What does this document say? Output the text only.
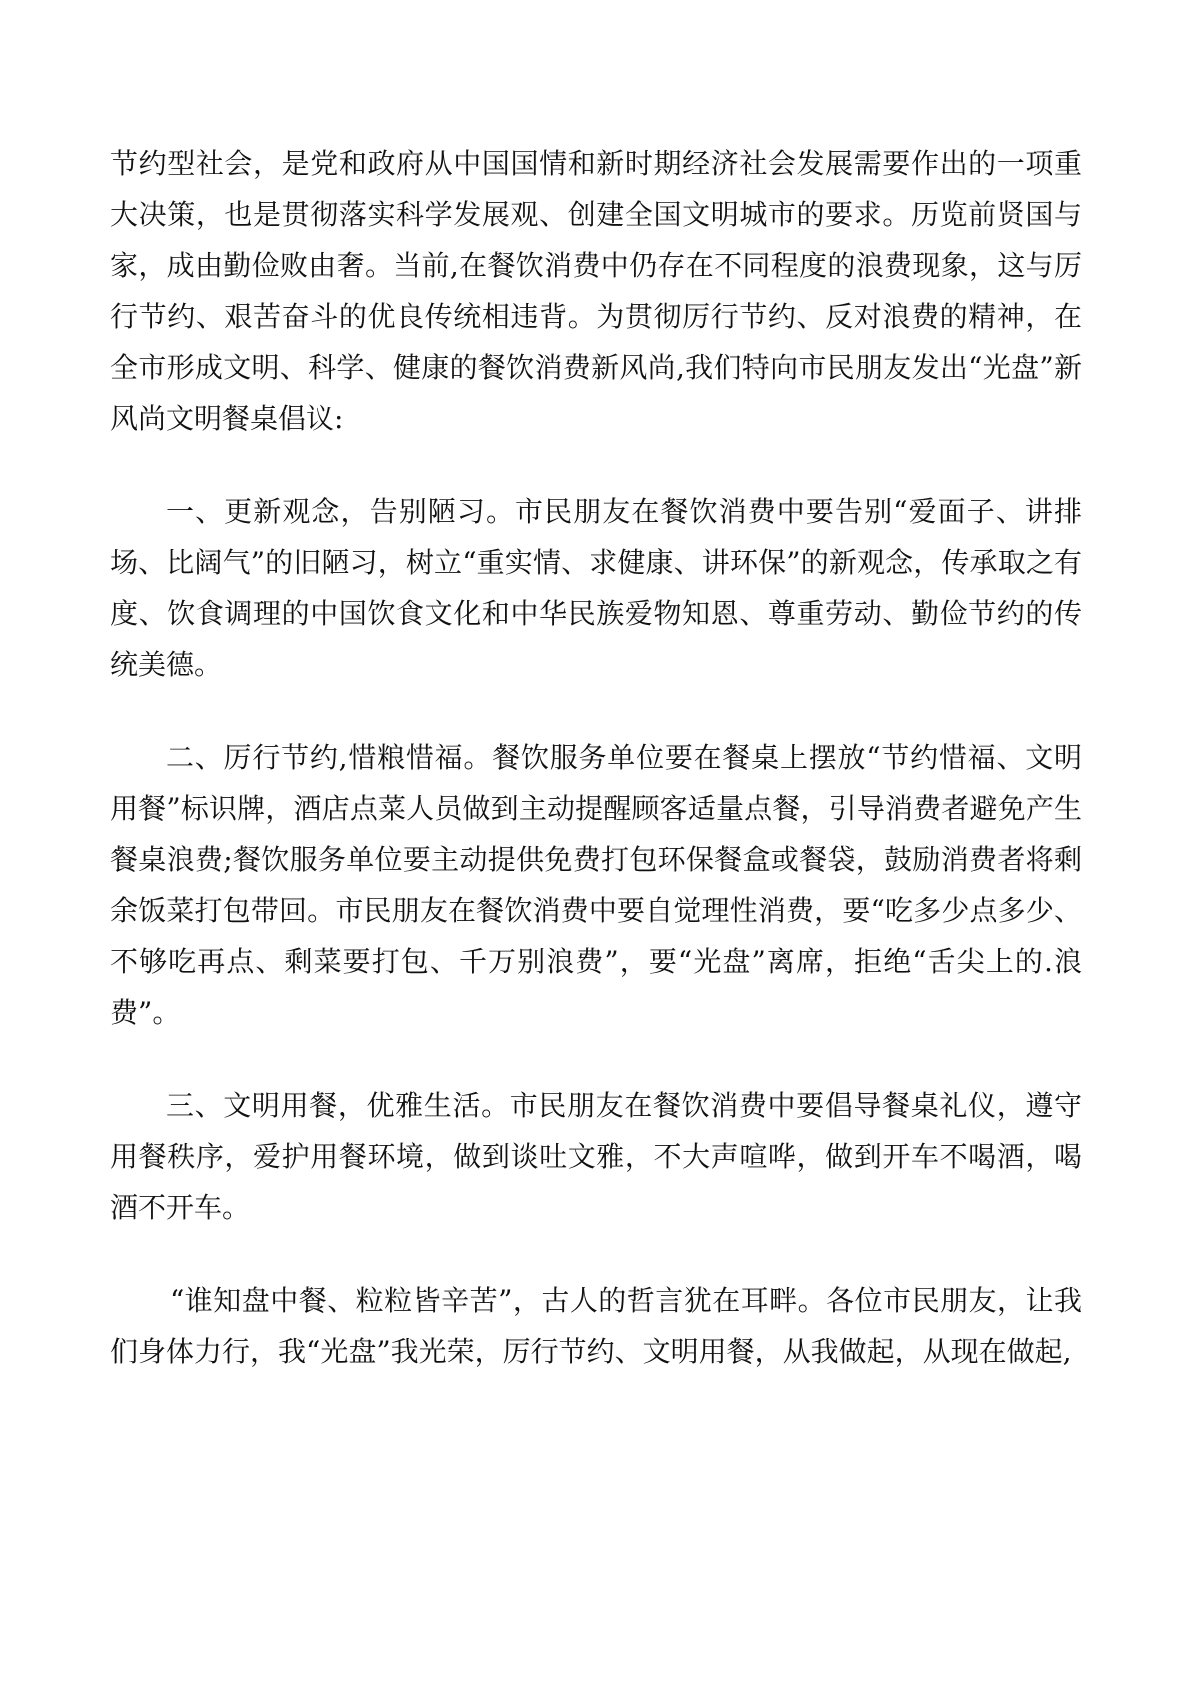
节约型社会，是党和政府从中国国情和新时期经济社会发展需要作出的一项重大决策，也是贯彻落实科学发展观、创建全国文明城市的要求。历览前贤国与家，成由勤俭败由奢。当前,在餐饮消费中仍存在不同程度的浪费现象，这与厉行节约、艰苦奋斗的优良传统相违背。为贯彻厉行节约、反对浪费的精神，在全市形成文明、科学、健康的餐饮消费新风尚,我们特向市民朋友发出“光盘”新风尚文明餐桌倡议:

一、更新观念，告别陋习。市民朋友在餐饮消费中要告别“爱面子、讲排场、比阔气”的旧陋习，树立“重实情、求健康、讲环保”的新观念，传承取之有度、饮食调理的中国饮食文化和中华民族爱物知恩、尊重劳动、勤俭节约的传统美德。

二、厉行节约,惜粮惜福。餐饮服务单位要在餐桌上摆放“节约惜福、文明用餐”标识牌，酒店点菜人员做到主动提醒顾客适量点餐，引导消费者避免产生餐桌浪费;餐饮服务单位要主动提供免费打包环保餐盒或餐袋，鼓励消费者将剩余饭菜打包带回。市民朋友在餐饮消费中要自觉理性消费，要“吃多少点多少、不够吃再点、剩菜要打包、千万别浪费”，要“光盘”离席，拒绝“舌尖上的.浪费”。

三、文明用餐，优雅生活。市民朋友在餐饮消费中要倡导餐桌礼仪，遵守用餐秩序，爱护用餐环境，做到谈吐文雅，不大声喧哗，做到开车不喝酒，喝酒不开车。

“谁知盘中餐、粒粒皆辛苦”，古人的哲言犹在耳畔。各位市民朋友，让我们身体力行，我“光盘”我光荣，厉行节约、文明用餐，从我做起，从现在做起,
